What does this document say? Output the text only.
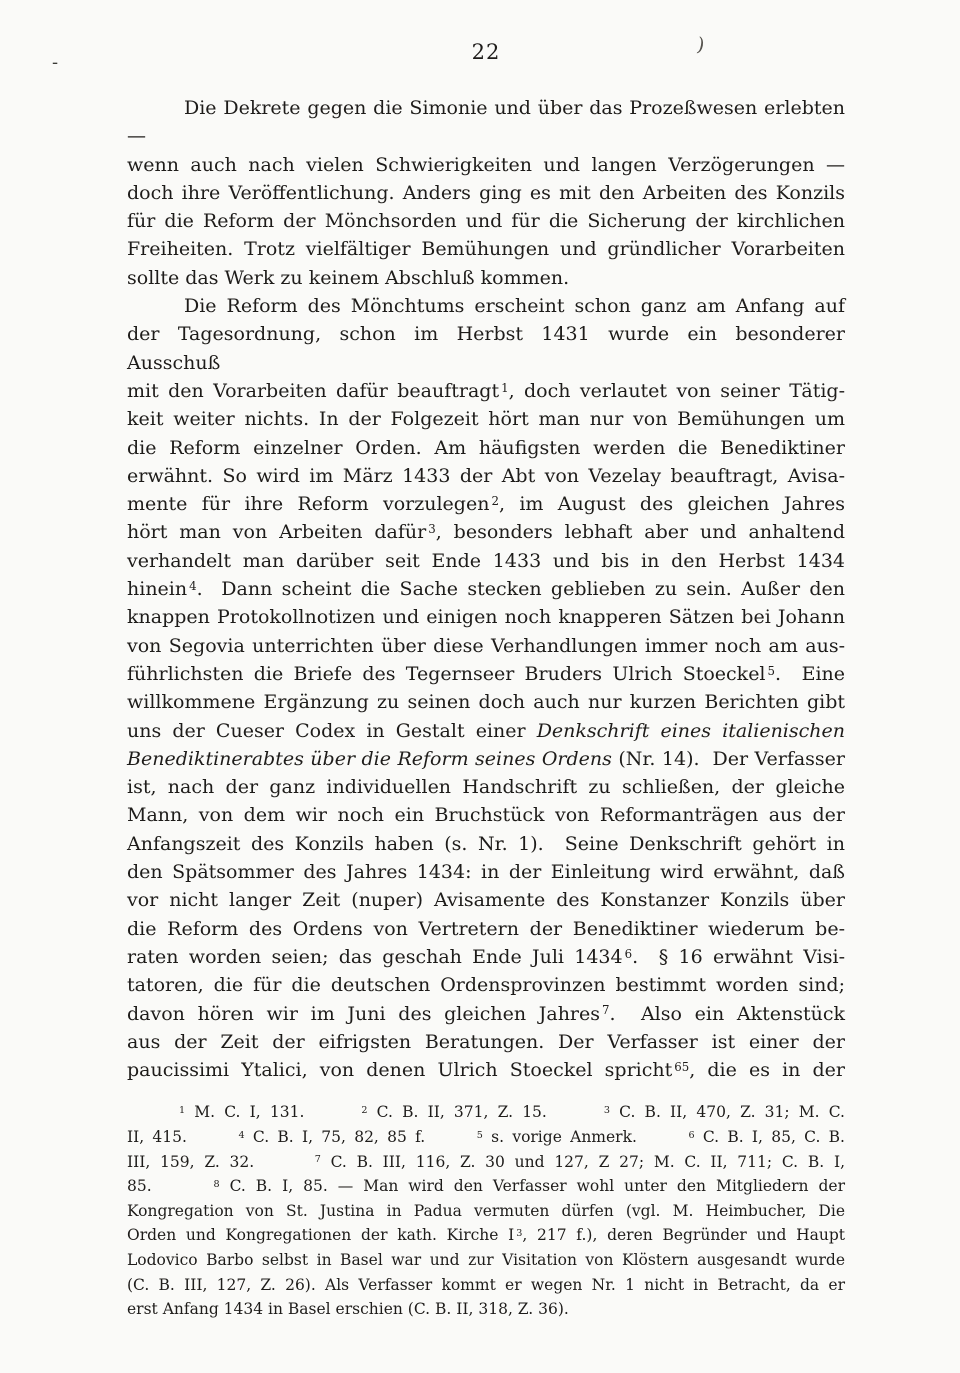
-	22	)
Die Dekrete gegen die Simonie und über das Prozeßwesen erlebten —
wenn auch nach vielen Schwierigkeiten und langen Verzögerungen —
doch ihre Veröffentlichung. Anders ging es mit den Arbeiten des Konzils
für die Reform der Mönchsorden und für die Sicherung der kirchlichen
Freiheiten. Trotz vielfältiger Bemühungen und gründlicher Vorarbeiten
sollte das Werk zu keinem Abschluß kommen.
Die Reform des Mönchtums erscheint schon ganz am Anfang auf
der Tagesordnung, schon im Herbst 1431 wurde ein besonderer Ausschuß
mit den Vorarbeiten dafür beauftragt $^1$, doch verlautet von seiner Tätig-
keit weiter nichts. In der Folgezeit hört man nur von Bemühungen um
die Reform einzelner Orden. Am häufigsten werden die Benediktiner
erwähnt. So wird im März 1433 der Abt von Vezelay beauftragt, Avisa-
mente für ihre Reform vorzulegen $^2$, im August des gleichen Jahres
hört man von Arbeiten dafür $^3$, besonders lebhaft aber und anhaltend
verhandelt man darüber seit Ende 1433 und bis in den Herbst 1434
hinein $^4$.  Dann scheint die Sache stecken geblieben zu sein. Außer den
knappen Protokollnotizen und einigen noch knapperen Sätzen bei Johann
von Segovia unterrichten über diese Verhandlungen immer noch am aus-
führlichsten die Briefe des Tegernseer Bruders Ulrich Stoeckel $^5$.  Eine
willkommene Ergänzung zu seinen doch auch nur kurzen Berichten gibt
uns der Cueser Codex in Gestalt einer Denkschrift eines italienischen
Benediktinerabtes über die Reform seines Ordens (Nr. 14).  Der Verfasser
ist, nach der ganz individuellen Handschrift zu schließen, der gleiche
Mann, von dem wir noch ein Bruchstück von Reformanträgen aus der
Anfangszeit des Konzils haben (s. Nr. 1).  Seine Denkschrift gehört in
den Spätsommer des Jahres 1434: in der Einleitung wird erwähnt, daß
vor nicht langer Zeit (nuper) Avisamente des Konstanzer Konzils über
die Reform des Ordens von Vertretern der Benediktiner wiederum be-
raten worden seien; das geschah Ende Juli 1434 $^6$.  § 16 erwähnt Visi-
tatoren, die für die deutschen Ordensprovinzen bestimmt worden sind;
davon hören wir im Juni des gleichen Jahres $^7$.  Also ein Aktenstück
aus der Zeit der eifrigsten Beratungen. Der Verfasser ist einer der
paucissimi Ytalici, von denen Ulrich Stoeckel spricht $^{65}$, die es in der
$^1$ M. C. I, 131.      $^2$ C. B. II, 371, Z. 15.      $^3$ C. B. II, 470, Z. 31; M. C.
II, 415.      $^4$ C. B. I, 75, 82, 85 f.      $^5$ s. vorige Anmerk.      $^6$ C. B. I, 85, C. B.
III, 159, Z. 32.      $^7$ C. B. III, 116, Z. 30 und 127, Z 27; M. C. II, 711; C. B. I,
85.      $^8$ C. B. I, 85. — Man wird den Verfasser wohl unter den Mitgliedern der
Kongregation von St. Justina in Padua vermuten dürfen (vgl. M. Heimbucher, Die
Orden und Kongregationen der kath. Kirche I $^3$, 217 f.), deren Begründer und Haupt
Lodovico Barbo selbst in Basel war und zur Visitation von Klöstern ausgesandt wurde
(C. B. III, 127, Z. 26). Als Verfasser kommt er wegen Nr. 1 nicht in Betracht, da er
erst Anfang 1434 in Basel erschien (C. B. II, 318, Z. 36).
